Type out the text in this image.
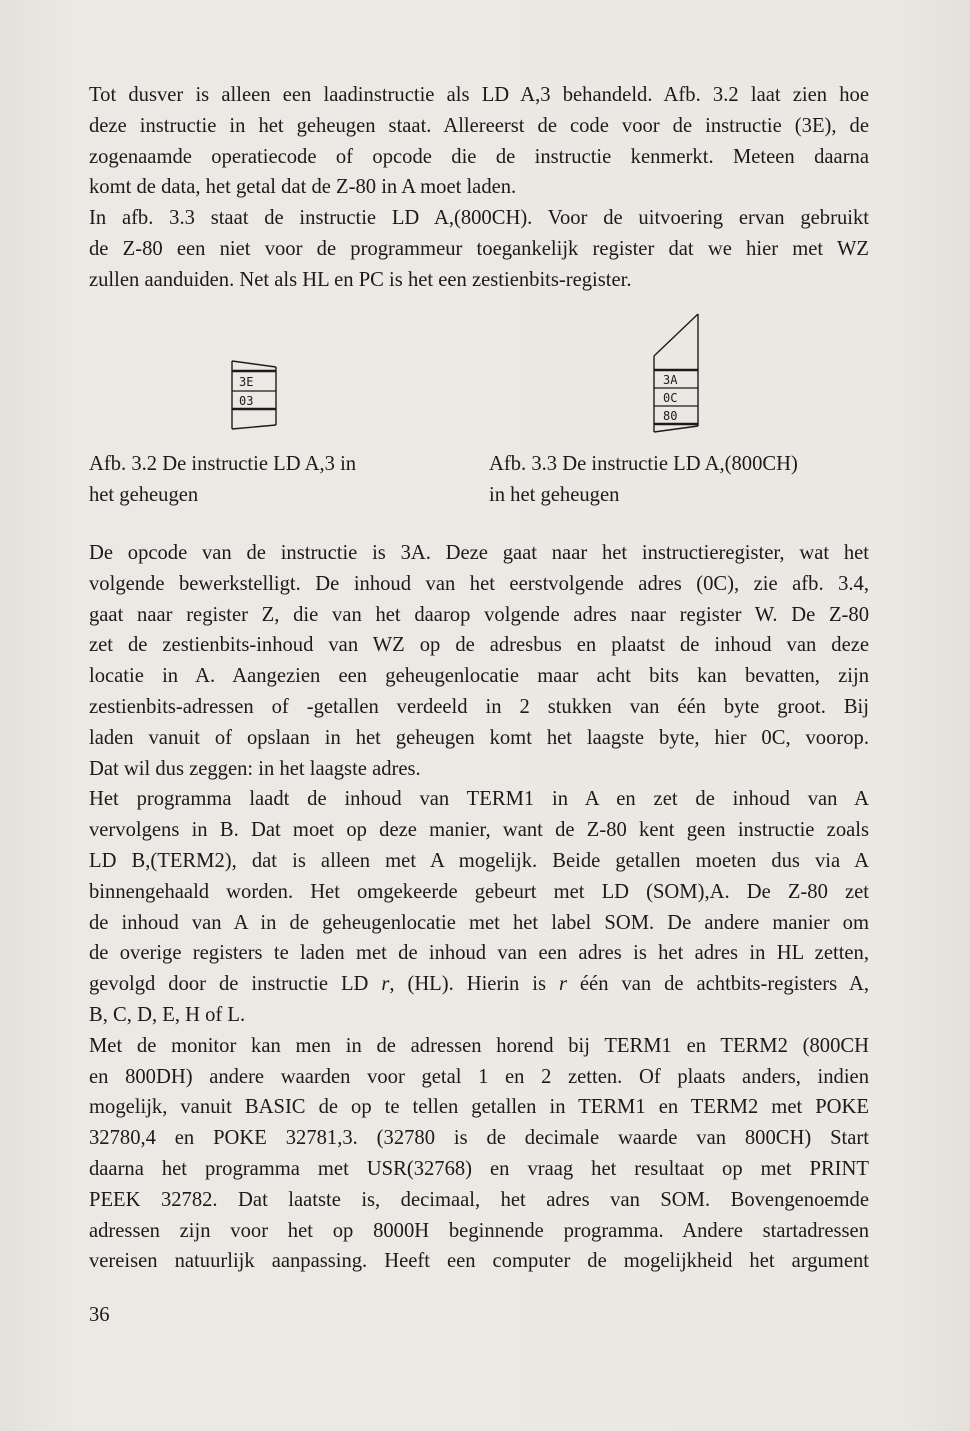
Tot dusver is alleen een laadinstructie als LD A,3 behandeld. Afb. 3.2 laat zien hoe
deze instructie in het geheugen staat. Allereerst de code voor de instructie (3E), de
zogenaamde operatiecode of opcode die de instructie kenmerkt. Meteen daarna
komt de data, het getal dat de Z-80 in A moet laden.

In afb. 3.3 staat de instructie LD A,(800CH). Voor de uitvoering ervan gebruikt
de Z-80 een niet voor de programmeur toegankelijk register dat we hier met WZ
zullen aanduiden. Net als HL en PC is het een zestienbits-register.

3E
03
3A
0C
80
Afb. 3.2 De instructie LD A,3 in
het geheugen
Afb. 3.3 De instructie LD A,(800CH)
in het geheugen

De opcode van de instructie is 3A. Deze gaat naar het instructieregister, wat het
volgende bewerkstelligt. De inhoud van het eerstvolgende adres (0C), zie afb. 3.4,
gaat naar register Z, die van het daarop volgende adres naar register W. De Z-80
zet de zestienbits-inhoud van WZ op de adresbus en plaatst de inhoud van deze
locatie in A. Aangezien een geheugenlocatie maar acht bits kan bevatten, zijn
zestienbits-adressen of -getallen verdeeld in 2 stukken van één byte groot. Bij
laden vanuit of opslaan in het geheugen komt het laagste byte, hier 0C, voorop.
Dat wil dus zeggen: in het laagste adres.

Het programma laadt de inhoud van TERM1 in A en zet de inhoud van A
vervolgens in B. Dat moet op deze manier, want de Z-80 kent geen instructie zoals
LD B,(TERM2), dat is alleen met A mogelijk. Beide getallen moeten dus via A
binnengehaald worden. Het omgekeerde gebeurt met LD (SOM),A. De Z-80 zet
de inhoud van A in de geheugenlocatie met het label SOM. De andere manier om
de overige registers te laden met de inhoud van een adres is het adres in HL zetten,
gevolgd door de instructie LD r, (HL). Hierin is r één van de achtbits-registers A,
B, C, D, E, H of L.

Met de monitor kan men in de adressen horend bij TERM1 en TERM2 (800CH
en 800DH) andere waarden voor getal 1 en 2 zetten. Of plaats anders, indien
mogelijk, vanuit BASIC de op te tellen getallen in TERM1 en TERM2 met POKE
32780,4 en POKE 32781,3. (32780 is de decimale waarde van 800CH) Start
daarna het programma met USR(32768) en vraag het resultaat op met PRINT
PEEK 32782. Dat laatste is, decimaal, het adres van SOM. Bovengenoemde
adressen zijn voor het op 8000H beginnende programma. Andere startadressen
vereisen natuurlijk aanpassing. Heeft een computer de mogelijkheid het argument

36
